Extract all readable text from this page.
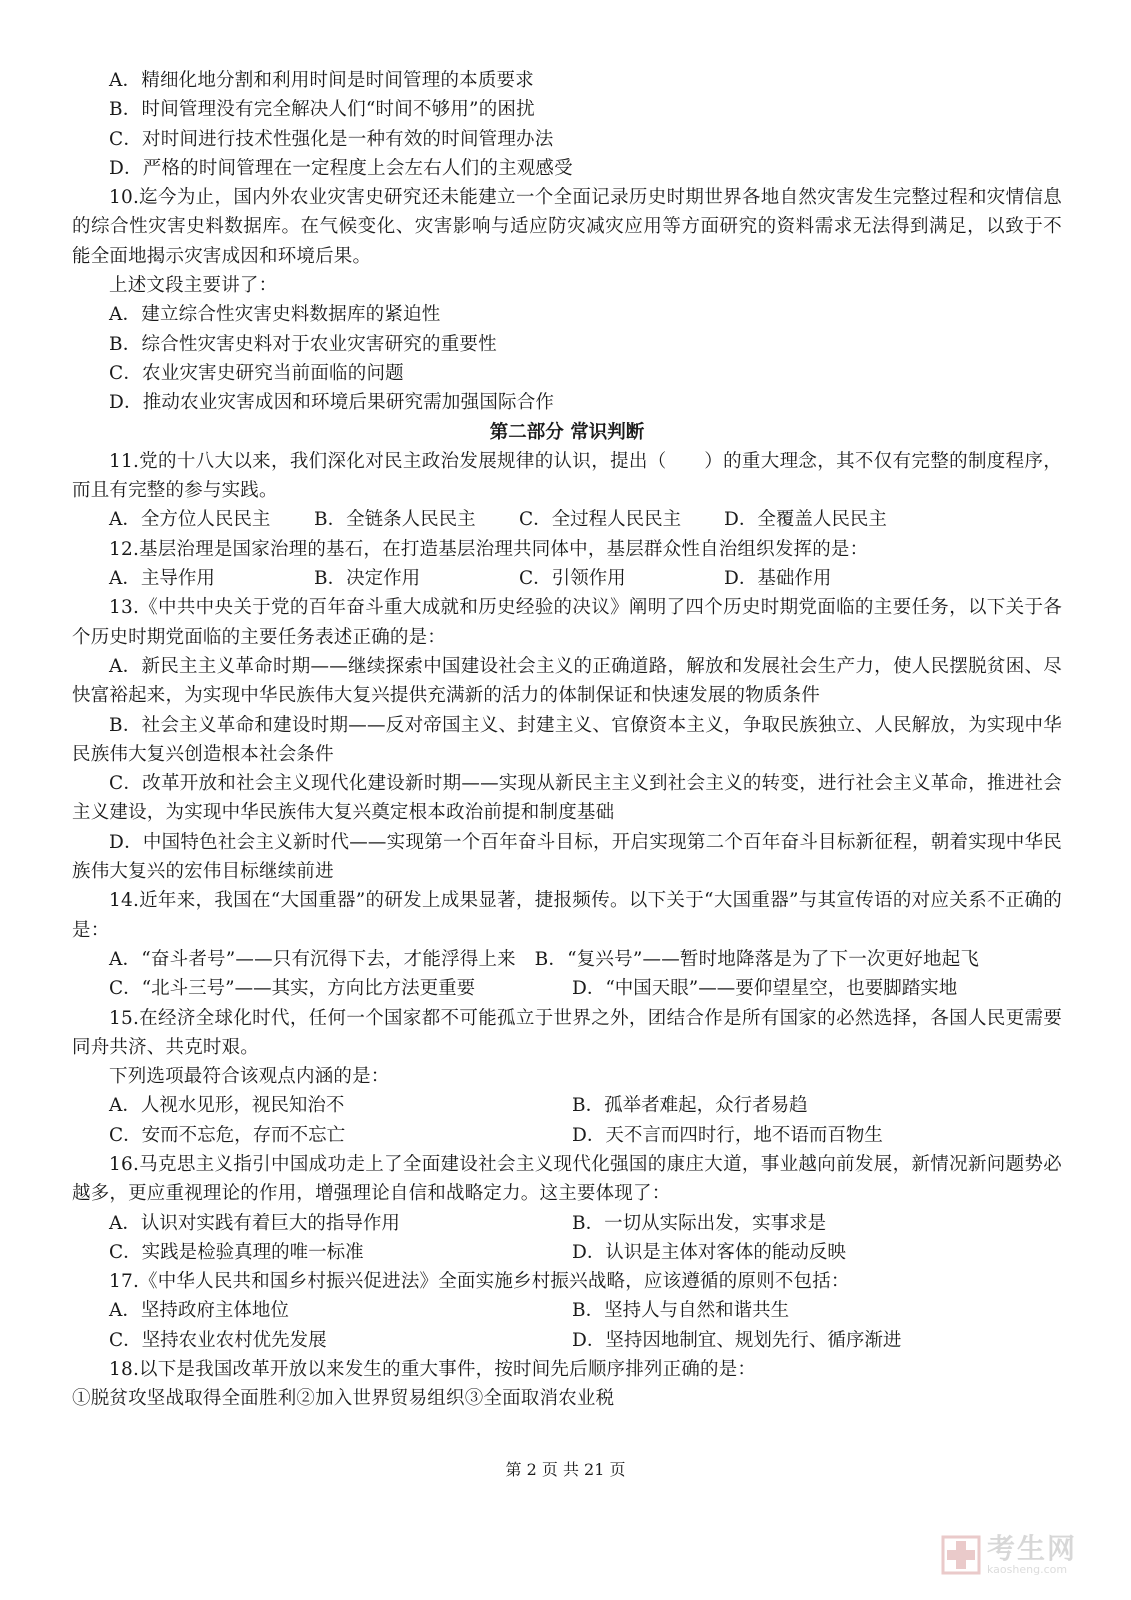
A．精细化地分割和利用时间是时间管理的本质要求
B．时间管理没有完全解决人们“时间不够用”的困扰
C．对时间进行技术性强化是一种有效的时间管理办法
D．严格的时间管理在一定程度上会左右人们的主观感受
10.迄今为止，国内外农业灾害史研究还未能建立一个全面记录历史时期世界各地自然灾害发生完整过程和灾情信息的综合性灾害史料数据库。在气候变化、灾害影响与适应防灾减灾应用等方面研究的资料需求无法得到满足，以致于不能全面地揭示灾害成因和环境后果。
上述文段主要讲了：
A．建立综合性灾害史料数据库的紧迫性
B．综合性灾害史料对于农业灾害研究的重要性
C．农业灾害史研究当前面临的问题
D．推动农业灾害成因和环境后果研究需加强国际合作
第二部分 常识判断
11.党的十八大以来，我们深化对民主政治发展规律的认识，提出（　　）的重大理念，其不仅有完整的制度程序，而且有完整的参与实践。
A．全方位人民民主	B．全链条人民民主	C．全过程人民民主	D．全覆盖人民民主
12.基层治理是国家治理的基石，在打造基层治理共同体中，基层群众性自治组织发挥的是：
A．主导作用	B．决定作用	C．引领作用	D．基础作用
13.《中共中央关于党的百年奋斗重大成就和历史经验的决议》阐明了四个历史时期党面临的主要任务，以下关于各个历史时期党面临的主要任务表述正确的是：
A．新民主主义革命时期——继续探索中国建设社会主义的正确道路，解放和发展社会生产力，使人民摆脱贫困、尽快富裕起来，为实现中华民族伟大复兴提供充满新的活力的体制保证和快速发展的物质条件
B．社会主义革命和建设时期——反对帝国主义、封建主义、官僚资本主义，争取民族独立、人民解放，为实现中华民族伟大复兴创造根本社会条件
C．改革开放和社会主义现代化建设新时期——实现从新民主主义到社会主义的转变，进行社会主义革命，推进社会主义建设，为实现中华民族伟大复兴奠定根本政治前提和制度基础
D．中国特色社会主义新时代——实现第一个百年奋斗目标，开启实现第二个百年奋斗目标新征程，朝着实现中华民族伟大复兴的宏伟目标继续前进
14.近年来，我国在“大国重器”的研发上成果显著，捷报频传。以下关于“大国重器”与其宣传语的对应关系不正确的是：
A．“奋斗者号”——只有沉得下去，才能浮得上来　B．“复兴号”——暂时地降落是为了下一次更好地起飞
C．“北斗三号”——其实，方向比方法更重要	D．“中国天眼”——要仰望星空，也要脚踏实地
15.在经济全球化时代，任何一个国家都不可能孤立于世界之外，团结合作是所有国家的必然选择，各国人民更需要同舟共济、共克时艰。
下列选项最符合该观点内涵的是：
A．人视水见形，视民知治不	B．孤举者难起，众行者易趋
C．安而不忘危，存而不忘亡	D．天不言而四时行，地不语而百物生
16.马克思主义指引中国成功走上了全面建设社会主义现代化强国的康庄大道，事业越向前发展，新情况新问题势必越多，更应重视理论的作用，增强理论自信和战略定力。这主要体现了：
A．认识对实践有着巨大的指导作用	B．一切从实际出发，实事求是
C．实践是检验真理的唯一标准	D．认识是主体对客体的能动反映
17.《中华人民共和国乡村振兴促进法》全面实施乡村振兴战略，应该遵循的原则不包括：
A．坚持政府主体地位	B．坚持人与自然和谐共生
C．坚持农业农村优先发展	D．坚持因地制宜、规划先行、循序渐进
18.以下是我国改革开放以来发生的重大事件，按时间先后顺序排列正确的是：
①脱贫攻坚战取得全面胜利②加入世界贸易组织③全面取消农业税
第 2 页 共 21 页
考生网
kaosheng.com
